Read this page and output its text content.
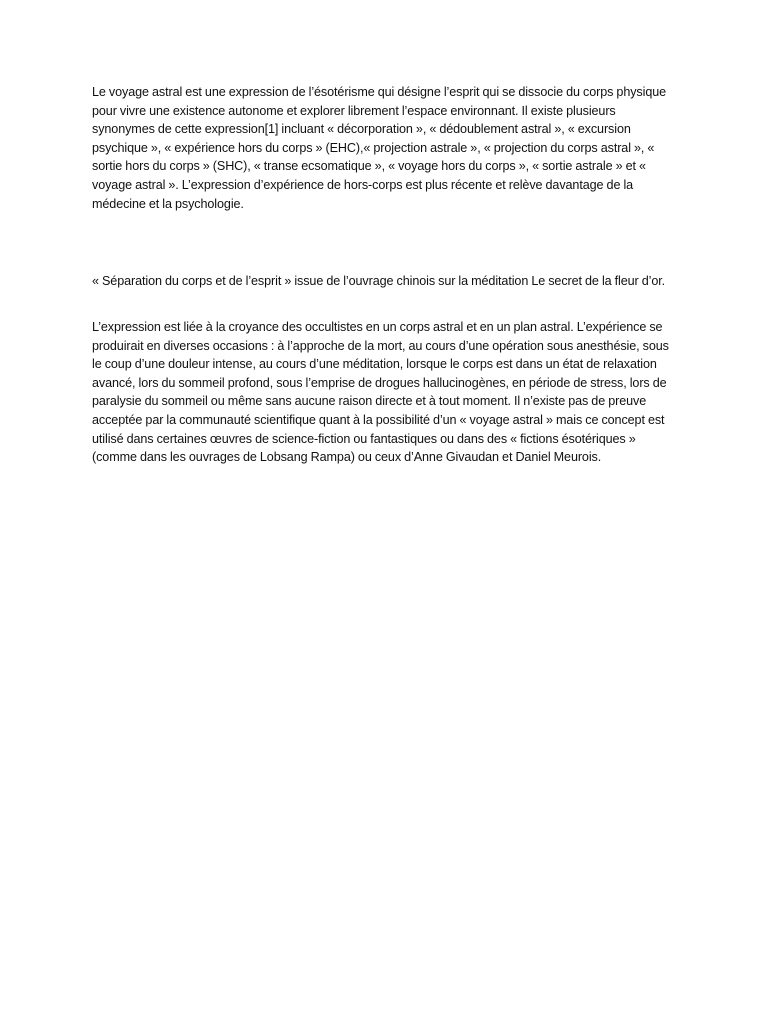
Le voyage astral est une expression de l’ésotérisme qui désigne l’esprit qui se dissocie du corps physique pour vivre une existence autonome et explorer librement l’espace environnant. Il existe plusieurs synonymes de cette expression[1] incluant « décorporation », « dédoublement astral », « excursion psychique », « expérience hors du corps » (EHC),« projection astrale », « projection du corps astral », « sortie hors du corps » (SHC), « transe ecsomatique », « voyage hors du corps », « sortie astrale » et « voyage astral ». L’expression d’expérience de hors-corps est plus récente et relève davantage de la médecine et la psychologie.

« Séparation du corps et de l’esprit » issue de l’ouvrage chinois sur la méditation Le secret de la fleur d’or.

L’expression est liée à la croyance des occultistes en un corps astral et en un plan astral. L’expérience se produirait en diverses occasions : à l’approche de la mort, au cours d’une opération sous anesthésie, sous le coup d’une douleur intense, au cours d’une méditation, lorsque le corps est dans un état de relaxation avancé, lors du sommeil profond, sous l’emprise de drogues hallucinogènes, en période de stress, lors de paralysie du sommeil ou même sans aucune raison directe et à tout moment. Il n’existe pas de preuve acceptée par la communauté scientifique quant à la possibilité d’un « voyage astral » mais ce concept est utilisé dans certaines œuvres de science-fiction ou fantastiques ou dans des « fictions ésotériques » (comme dans les ouvrages de Lobsang Rampa) ou ceux d’Anne Givaudan et Daniel Meurois.
